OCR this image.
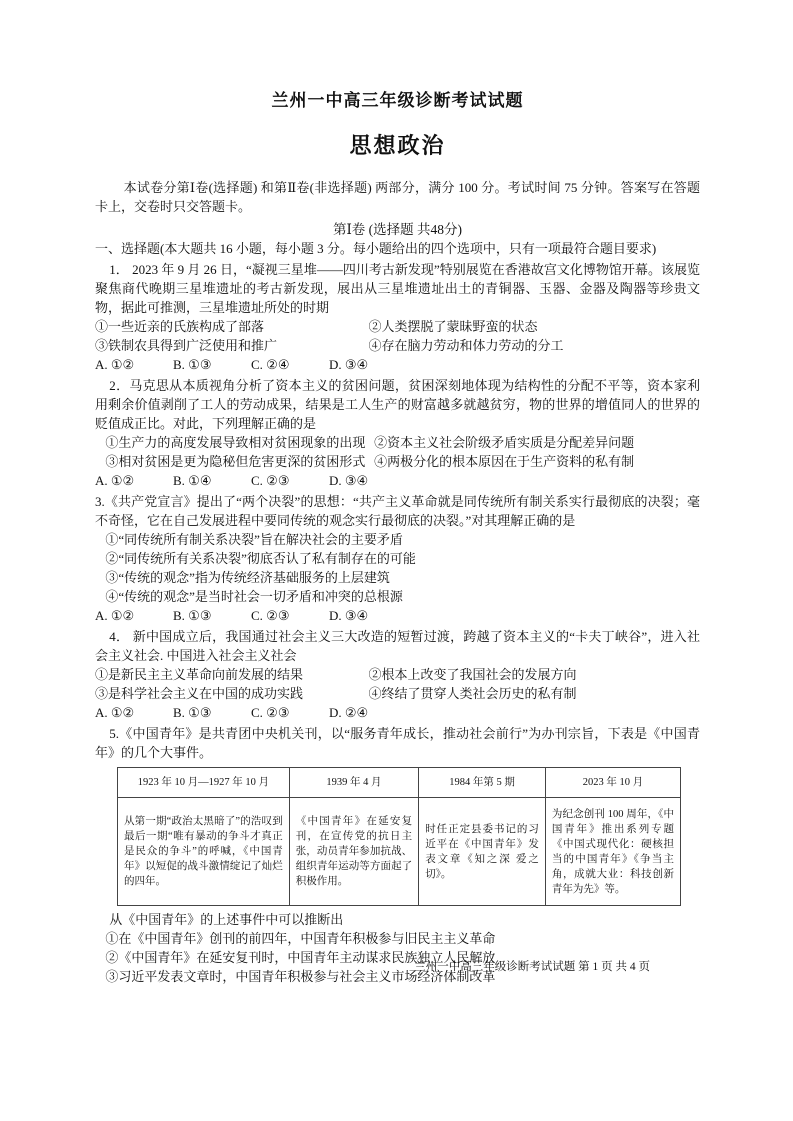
兰州一中高三年级诊断考试试题
思想政治

本试卷分第Ⅰ卷(选择题) 和第Ⅱ卷(非选择题) 两部分，满分 100 分。考试时间 75 分钟。答案写在答题卡上，交卷时只交答题卡。

第Ⅰ卷 (选择题 共48分)

一、选择题(本大题共 16 小题，每小题 3 分。每小题给出的四个选项中，只有一项最符合题目要求)

1． 2023 年 9 月 26 日，“凝视三星堆——四川考古新发现”特别展览在香港故宫文化博物馆开幕。该展览聚焦商代晚期三星堆遗址的考古新发现，展出从三星堆遗址出土的青铜器、玉器、金器及陶器等珍贵文物，据此可推测，三星堆遗址所处的时期

①一些近亲的氏族构成了部落	②人类摆脱了蒙昧野蛮的状态
③铁制农具得到广泛使用和推广	④存在脑力劳动和体力劳动的分工
A. ①②	B. ①③	C. ②④	D. ③④

2．马克思从本质视角分析了资本主义的贫困问题，贫困深刻地体现为结构性的分配不平等，资本家利用剩余价值剥削了工人的劳动成果，结果是工人生产的财富越多就越贫穷，物的世界的增值同人的世界的贬值成正比。对此，下列理解正确的是

①生产力的高度发展导致相对贫困现象的出现 ②资本主义社会阶级矛盾实质是分配差异问题
③相对贫困是更为隐秘但危害更深的贫困形式 ④两极分化的根本原因在于生产资料的私有制
A. ①②	B. ①④	C. ②③	D. ③④

3.《共产党宣言》提出了“两个决裂”的思想：“共产主义革命就是同传统所有制关系实行最彻底的决裂；毫不奇怪，它在自己发展进程中要同传统的观念实行最彻底的决裂。”对其理解正确的是

①“同传统所有制关系决裂”旨在解决社会的主要矛盾
②“同传统所有关系决裂”彻底否认了私有制存在的可能
③“传统的观念”指为传统经济基础服务的上层建筑
④“传统的观念”是当时社会一切矛盾和冲突的总根源
A. ①②	B. ①③	C. ②③	D. ③④

4． 新中国成立后，我国通过社会主义三大改造的短暂过渡，跨越了资本主义的“卡夫丁峡谷”，进入社会主义社会. 中国进入社会主义社会

①是新民主主义革命向前发展的结果	②根本上改变了我国社会的发展方向
③是科学社会主义在中国的成功实践	④终结了贯穿人类社会历史的私有制
A. ①②	B. ①③	C. ②③	D. ②④

5.《中国青年》是共青团中央机关刊，以“服务青年成长，推动社会前行”为办刊宗旨，下表是《中国青年》的几个大事件。

1923 年 10 月—1927 年 10 月	1939 年 4 月	1984 年第 5 期	2023 年 10 月
从第一期“政治太黑暗了”的浩叹到最后一期“唯有暴动的争斗才真正是民众的争斗”的呼喊，《中国青年》以短促的战斗激情绽记了灿烂的四年。	《中国青年》在延安复刊，在宣传党的抗日主张，动员青年参加抗战、组织青年运动等方面起了积极作用。	时任正定县委书记的习近平在《中国青年》发表文章《知之深 爱之切》。	为纪念创刊 100 周年，《中国青年》推出系列专题《中国式现代化：硬核担当的中国青年》《争当主角，成就大业：科技创新青年为先》等。

从《中国青年》的上述事件中可以推断出

①在《中国青年》创刊的前四年，中国青年积极参与旧民主主义革命
②《中国青年》在延安复刊时，中国青年主动谋求民族独立人民解放
③习近平发表文章时，中国青年积极参与社会主义市场经济体制改革
兰州一中高三年级诊断考试试题 第 1 页 共 4 页
